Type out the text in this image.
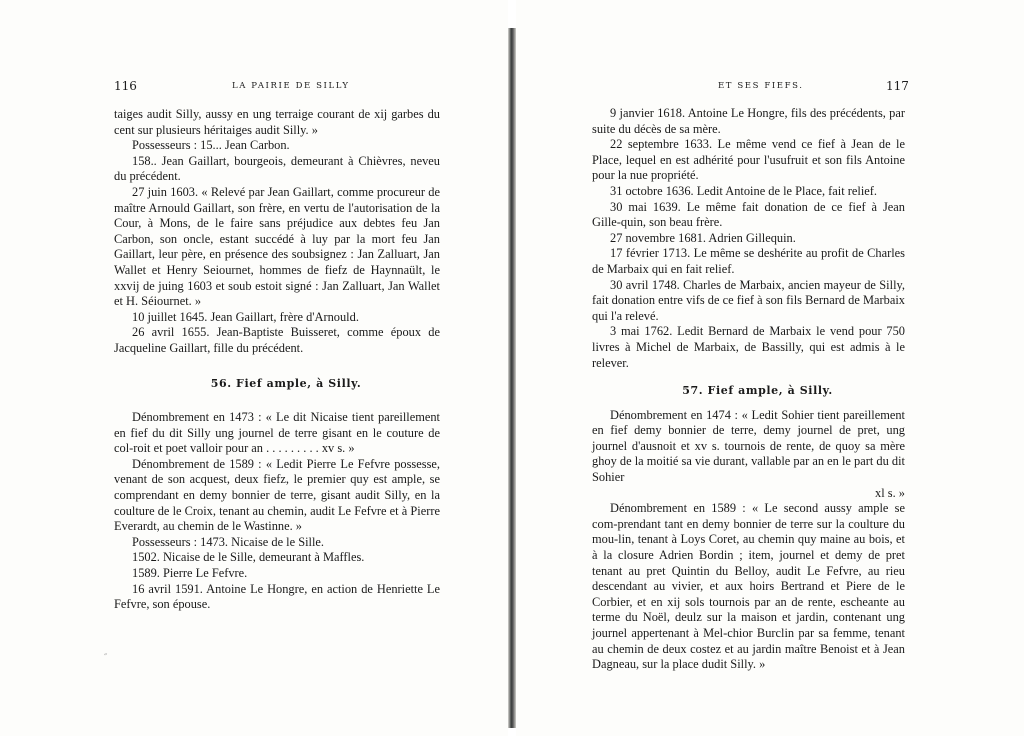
116	LA PAIRIE DE SILLY

taiges audit Silly, aussy en ung terraige courant de xij garbes du cent sur plusieurs héritaiges audit Silly. »

Possesseurs : 15... Jean Carbon.

158.. Jean Gaillart, bourgeois, demeurant à Chièvres, neveu du précédent.

27 juin 1603. « Relevé par Jean Gaillart, comme procureur de maître Arnould Gaillart, son frère, en vertu de l'autorisation de la Cour, à Mons, de le faire sans préjudice aux debtes feu Jan Carbon, son oncle, estant succédé à luy par la mort feu Jan Gaillart, leur père, en présence des soubsignez : Jan Zalluart, Jan Wallet et Henry Seiournet, hommes de fiefz de Haynnaült, le xxvij de juing 1603 et soub estoit signé : Jan Zalluart, Jan Wallet et H. Séiournet. »

10 juillet 1645. Jean Gaillart, frère d'Arnould.

26 avril 1655. Jean-Baptiste Buisseret, comme époux de Jacqueline Gaillart, fille du précédent.

56. Fief ample, à Silly.

Dénombrement en 1473 : « Le dit Nicaise tient pareillement en fief du dit Silly ung journel de terre gisant en le couture de col-roit et poet valloir pour an . . . . . . . . . xv s. »

Dénombrement de 1589 : « Ledit Pierre Le Fefvre possesse, venant de son acquest, deux fiefz, le premier quy est ample, se comprendant en demy bonnier de terre, gisant audit Silly, en la coulture de le Croix, tenant au chemin, audit Le Fefvre et à Pierre Everardt, au chemin de le Wastinne. »

Possesseurs : 1473. Nicaise de le Sille.

1502. Nicaise de le Sille, demeurant à Maffles.

1589. Pierre Le Fefvre.

16 avril 1591. Antoine Le Hongre, en action de Henriette Le Fefvre, son épouse.

″
ET SES FIEFS.	117

9 janvier 1618. Antoine Le Hongre, fils des précédents, par suite du décès de sa mère.

22 septembre 1633. Le même vend ce fief à Jean de le Place, lequel en est adhérité pour l'usufruit et son fils Antoine pour la nue propriété.

31 octobre 1636. Ledit Antoine de le Place, fait relief.

30 mai 1639. Le même fait donation de ce fief à Jean Gille-quin, son beau frère.

27 novembre 1681. Adrien Gillequin.

17 février 1713. Le même se deshérite au profit de Charles de Marbaix qui en fait relief.

30 avril 1748. Charles de Marbaix, ancien mayeur de Silly, fait donation entre vifs de ce fief à son fils Bernard de Marbaix qui l'a relevé.

3 mai 1762. Ledit Bernard de Marbaix le vend pour 750 livres à Michel de Marbaix, de Bassilly, qui est admis à le relever.

57. Fief ample, à Silly.

Dénombrement en 1474 : « Ledit Sohier tient pareillement en fief demy bonnier de terre, demy journel de pret, ung journel d'ausnoit et xv s. tournois de rente, de quoy sa mère ghoy de la moitié sa vie durant, vallable par an en le part du dit Sohier

xl s. »

Dénombrement en 1589 : « Le second aussy ample se com-prendant tant en demy bonnier de terre sur la coulture du mou-lin, tenant à Loys Coret, au chemin quy maine au bois, et à la closure Adrien Bordin ; item, journel et demy de pret tenant au pret Quintin du Belloy, audit Le Fefvre, au rieu descendant au vivier, et aux hoirs Bertrand et Piere de le Corbier, et en xij sols tournois par an de rente, escheante au terme du Noël, deulz sur la maison et jardin, contenant ung journel appertenant à Mel-chior Burclin par sa femme, tenant au chemin de deux costez et au jardin maître Benoist et à Jean Dagneau, sur la place dudit Silly. »
